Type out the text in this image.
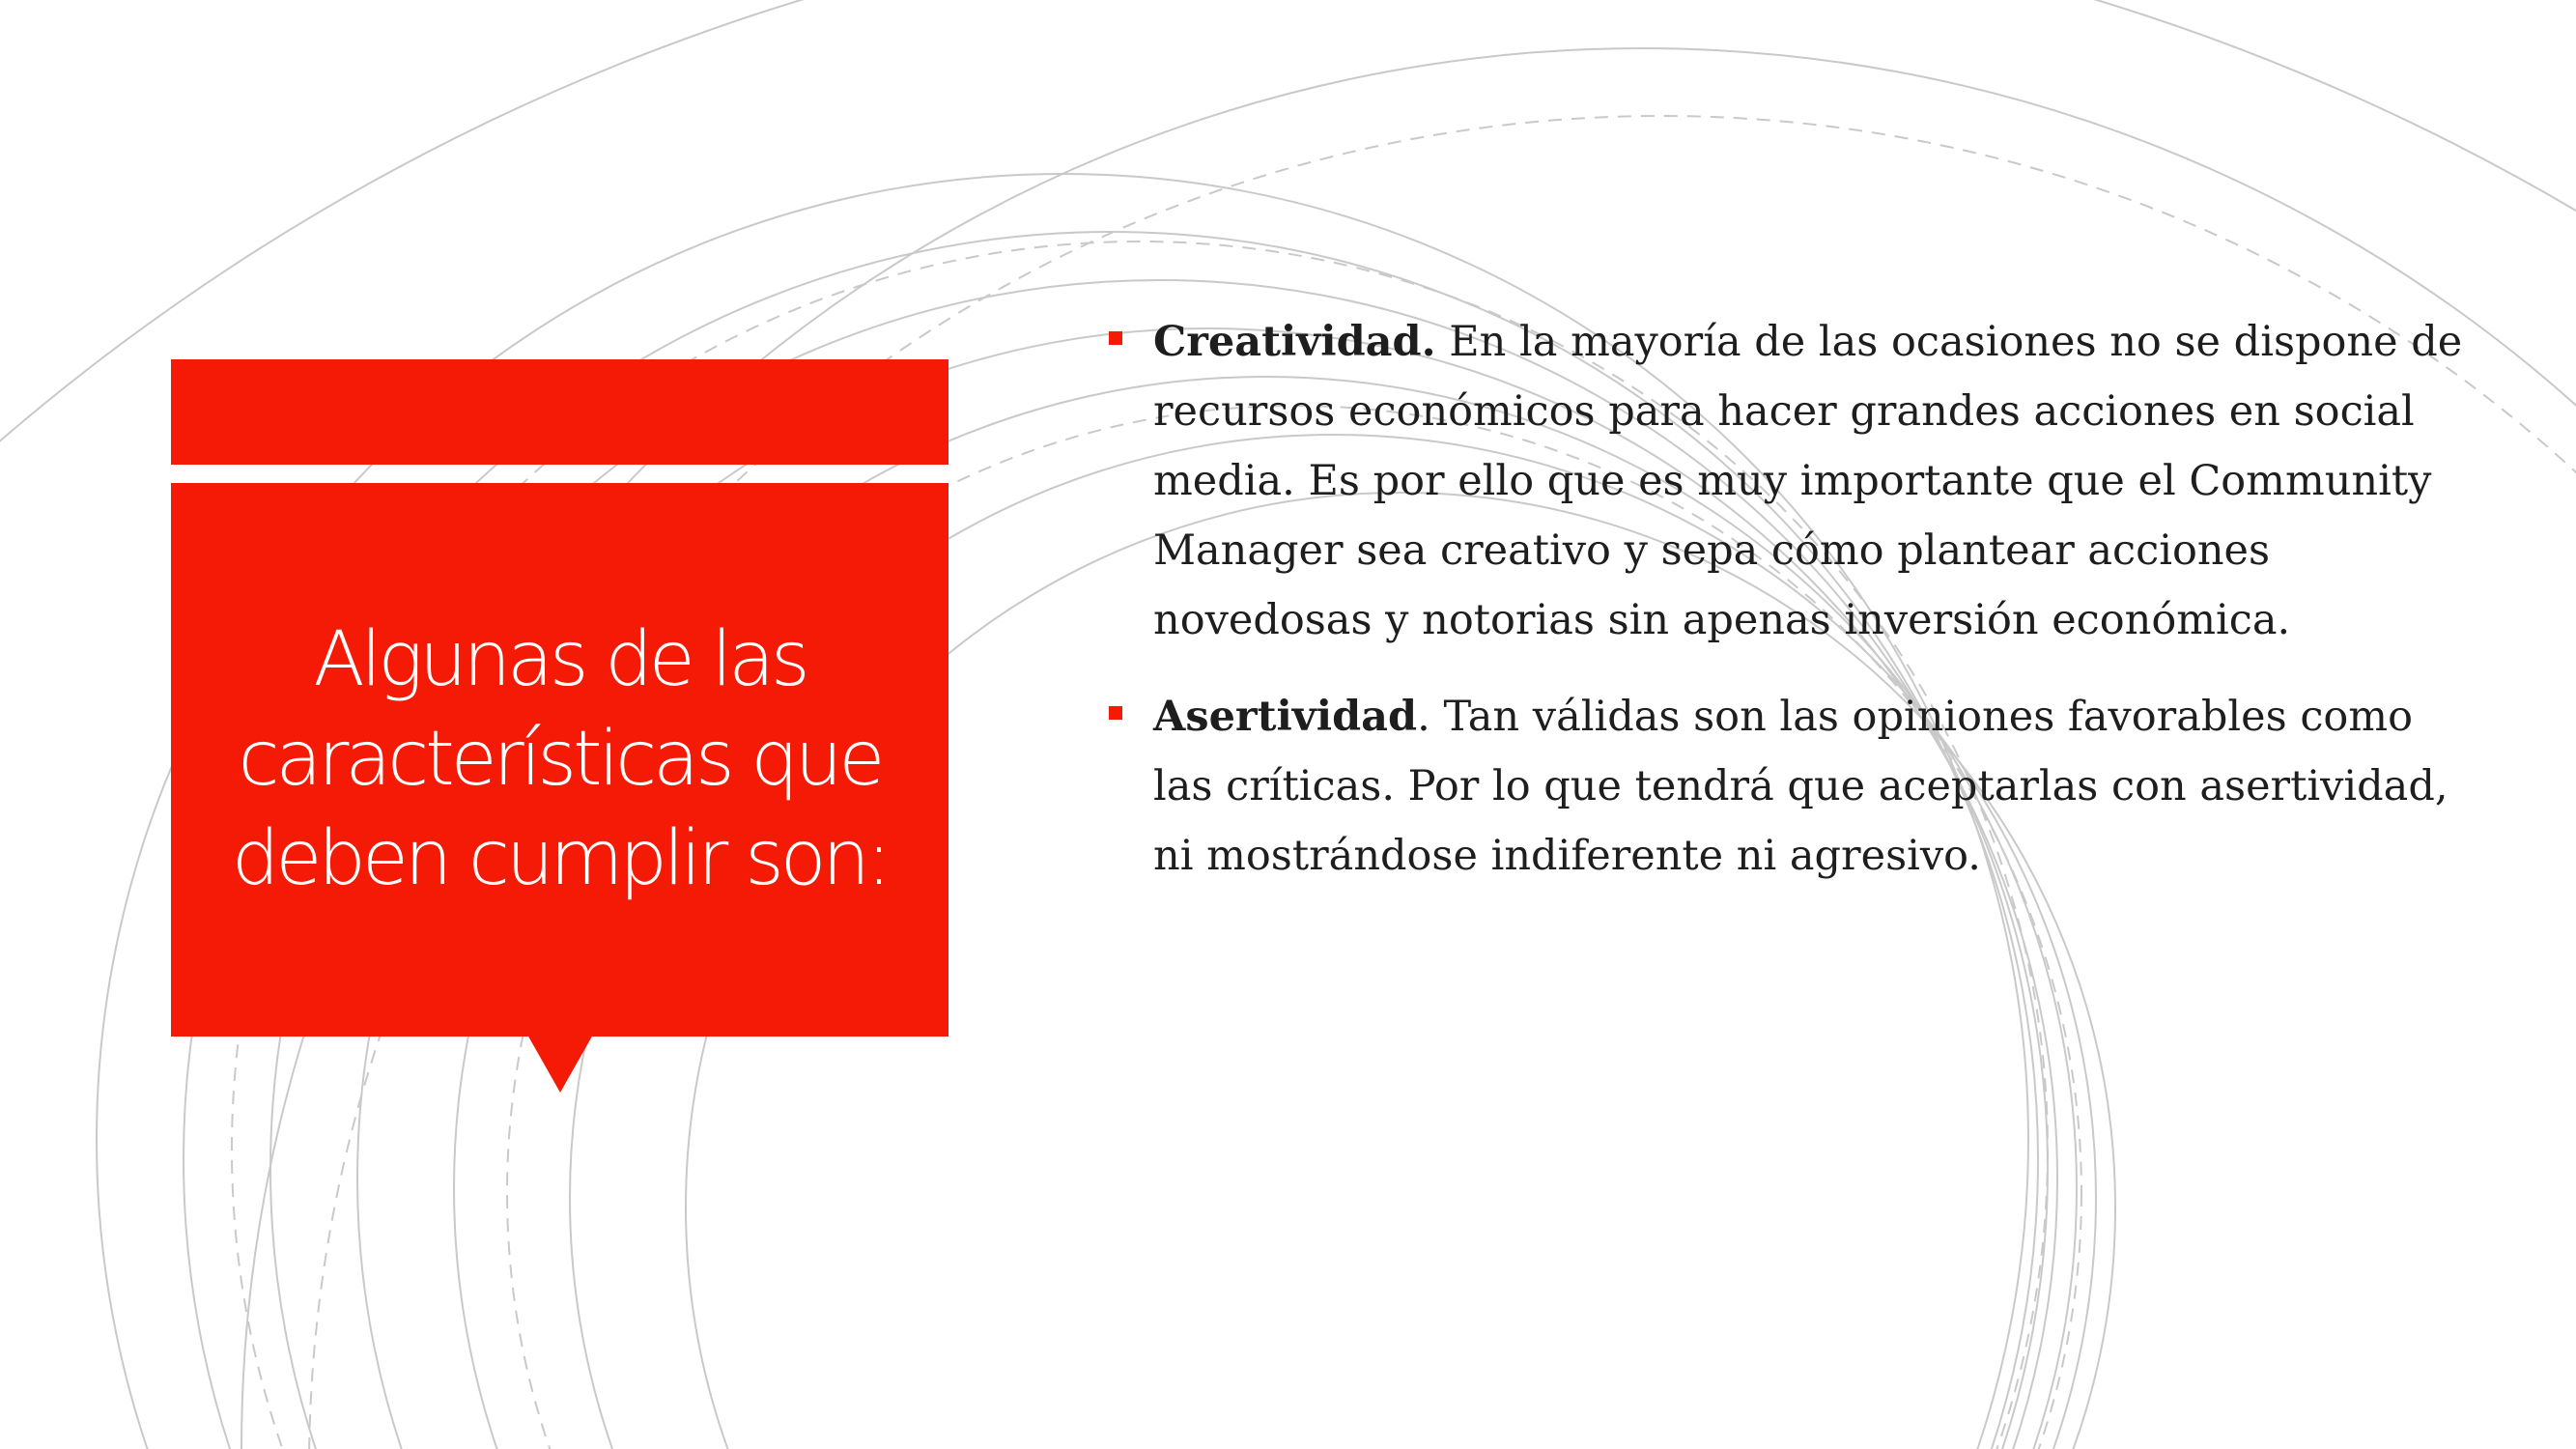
Algunas de las características que deben cumplir son:
Creatividad. En la mayoría de las ocasiones no se dispone de recursos económicos para hacer grandes acciones en social media. Es por ello que es muy importante que el Community Manager sea creativo y sepa cómo plantear acciones novedosas y notorias sin apenas inversión económica.
Asertividad. Tan válidas son las opiniones favorables como las críticas. Por lo que tendrá que aceptarlas con asertividad, ni mostrándose indiferente ni agresivo.
